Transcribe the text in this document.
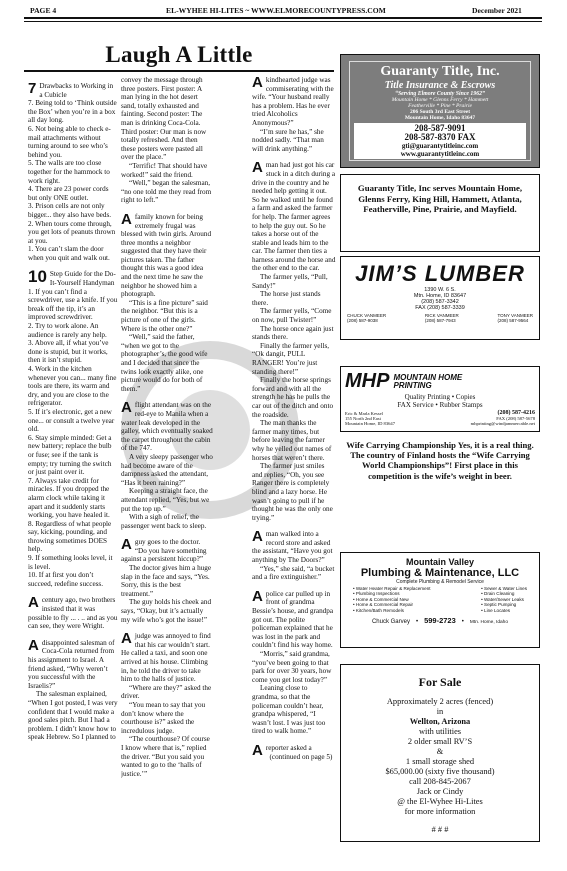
PAGE 4	EL-WYHEE HI-LITES ~ WWW.ELMORECOUNTYPRESS.COM	December 2021
Laugh A Little

7 Drawbacks to Working in a Cubicle

7. Being told to ‘Think outside the Box’ when you’re in a box all day long.

6. Not being able to check e-mail attachments without turning around to see who’s behind you.

5. The walls are too close together for the hammock to work right.

4. There are 23 power cords but only ONE outlet.

3. Prison cells are not only bigger... they also have beds.

2. When tours come through, you get lots of peanuts thrown at you.

1. You can’t slam the door when you quit and walk out.

10 Step Guide for the Do-It-Yourself Handyman

1. If you can’t find a screwdriver, use a knife. If you break off the tip, it’s an improved screwdriver.

2. Try to work alone. An audience is rarely any help.

3. Above all, if what you’ve done is stupid, but it works, then it isn’t stupid.

4. Work in the kitchen whenever you can... many fine tools are there, its warm and dry, and you are close to the refrigerator.

5. If it’s electronic, get a new one... or consult a twelve year old.

6. Stay simple minded: Get a new battery; replace the bulb or fuse; see if the tank is empty; try turning the switch or just paint over it.

7. Always take credit for miracles. If you dropped the alarm clock while taking it apart and it suddenly starts working, you have healed it.

8. Regardless of what people say, kicking, pounding, and throwing sometimes DOES help.

9. If something looks level, it is level.

10. If at first you don’t succeed, redefine success.

Acentury ago, two brothers insisted that it was possible to fly ... . .. and as you can see, they were Wright.

Adisappointed salesman of Coca-Cola returned from his assignment to Israel. A friend asked, “Why weren’t you successful with the Israelis?”

The salesman explained, “When I got posted, I was very confident that I would make a good sales pitch. But I had a problem. I didn’t know how to speak Hebrew. So I planned to

convey the message through three posters. First poster: A man lying in the hot desert sand, totally exhausted and fainting. Second poster: The man is drinking Coca-Cola. Third poster: Our man is now totally refreshed. And then these posters were pasted all over the place.”

“Terrific! That should have worked!” said the friend.

“Well,” began the salesman, “no one told me they read from right to left.”

Afamily known for being extremely frugal was blessed with twin girls. Around three months a neighbor suggested that they have their pictures taken. The father thought this was a good idea and the next time he saw the neighbor he showed him a photograph.

“This is a fine picture” said the neighbor. “But this is a picture of one of the girls. Where is the other one?”

“Well,” said the father, “when we got to the photographer’s, the good wife and I decided that since the twins look exactly alike, one picture would do for both of them.”

Aflight attendant was on the red-eye to Manila when a water leak developed in the galley, which eventually soaked the carpet throughout the cabin of the 747.

A very sleepy passenger who had become aware of the dampness asked the attendant, “Has it been raining?”

Keeping a straight face, the attendant replied, “Yes, but we put the top up.”

With a sigh of relief, the passenger went back to sleep.

Aguy goes to the doctor. “Do you have something against a persistent hiccup?”

The doctor gives him a huge slap in the face and says, “Yes. Sorry, this is the best treatment.”

The guy holds his cheek and says, “Okay, but it’s actually my wife who’s got the issue!”

Ajudge was annoyed to find that his car wouldn’t start. He called a taxi, and soon one arrived at his house. Climbing in, he told the driver to take him to the halls of justice.

“Where are they?” asked the driver.

“You mean to say that you don’t know where the courthouse is?” asked the incredulous judge.

“The courthouse? Of course I know where that is,” replied the driver. “But you said you wanted to go to the ‘halls of justice.’”

Akindhearted judge was commiserating with the wife. “Your husband really has a problem. Has he ever tried Alcoholics Anonymous?”

“I’m sure he has,” she nodded sadly. “That man will drink anything.”

Aman had just got his car stuck in a ditch during a drive in the country and he needed help getting it out. So he walked until he found a farm and asked the farmer for help. The farmer agrees to help the guy out. So he takes a horse out of the stable and leads him to the car. The farmer then ties a harness around the horse and the other end to the car.

The farmer yells, “Pull, Sandy!”

The horse just stands there.

The farmer yells, “Come on now, pull Twister!”

The horse once again just stands there.

Finally the farmer yells, “Ok dangit, PULL RANGER! You’re just standing there!”

Finally the horse springs forward and with all the strength he has he pulls the car out of the ditch and onto the roadside.

The man thanks the farmer many times, but before leaving the farmer why he yelled out names of horses that weren’t there.

The farmer just smiles and replies, “Oh, you see Ranger there is completely blind and a lazy horse. He wasn’t going to pull if he thought he was the only one trying.”

Aman walked into a record store and asked the assistant, “Have you got anything by The Doors?”

“Yes,” she said, “a bucket and a fire extinguisher.”

Apolice car pulled up in front of grandma Bessie’s house, and grandpa got out. The polite policeman explained that he was lost in the park and couldn’t find his way home.

“Morris,” said grandma, “you’ve been going to that park for over 30 years, how come you get lost today?”

Leaning close to grandma, so that the policeman couldn’t hear, grandpa whispered, “I wasn’t lost. I was just too tired to walk home.”

Areporter asked a

(continued on page 5)

Guaranty Title, Inc.
Title Insurance & Escrows
“Serving Elmore County Since 1962”
Mountain Home * Glenns Ferry * Hammett
Featherville * Pine * Prairie
206 South 3rd East Street
Mountain Home, Idaho 83647
208-587-9091
208-587-8370 FAX
gti@guarantytitleinc.com
www.guarantytitleinc.com
Guaranty Title, Inc serves Mountain Home, Glenns Ferry, King Hill, Hammett, Atlanta, Featherville, Pine, Prairie, and Mayfield.
JIM’S LUMBER
1390 W. 6 S.
Mtn. Home, ID 83647
(208) 587-3342
FAX (208) 587-3339
CHUCK VANMEER
(208) 587-9038
RICK VANMEER
(208) 587-7943
TONY VANMEER
(208) 587-9564
MHP MOUNTAIN HOME
PRINTING
Quality Printing • Copies
FAX Service • Rubber Stamps
Eric & Marla Kessel
155 North 2nd East
Mountain Home, ID 83647
(208) 587-4216
FAX (208) 587-5678
mhprinting@windjammercable.net
Wife Carrying Championship Yes, it is a real thing. The country of Finland hosts the “Wife Carrying World Championships”! First place in this competition is the wife’s weight in beer.
Mountain Valley
Plumbing & Maintenance, LLC
Complete Plumbing & Remodel Service
• Water Heater Repair & Replacement
• Plumbing Inspections
• Home & Commercial New
• Home & Commercial Repair
• Kitchen/Bath Remodels
• Sewer & Water Lines
• Drain Cleaning
• Water/Sewer Leaks
• Septic Pumping
• Line Locates
Chuck Garvey • 599-2723 • Mtn. Home, Idaho
For Sale
Approximately 2 acres (fenced)
in
Wellton, Arizona
with utilities
2 older small RV’S
&
1 small storage shed
$65,000.00 (sixty five thousand)
call 208-845-2067
Jack or Cindy
@ the El-Wyhee Hi-Lites
for more information
# # #
